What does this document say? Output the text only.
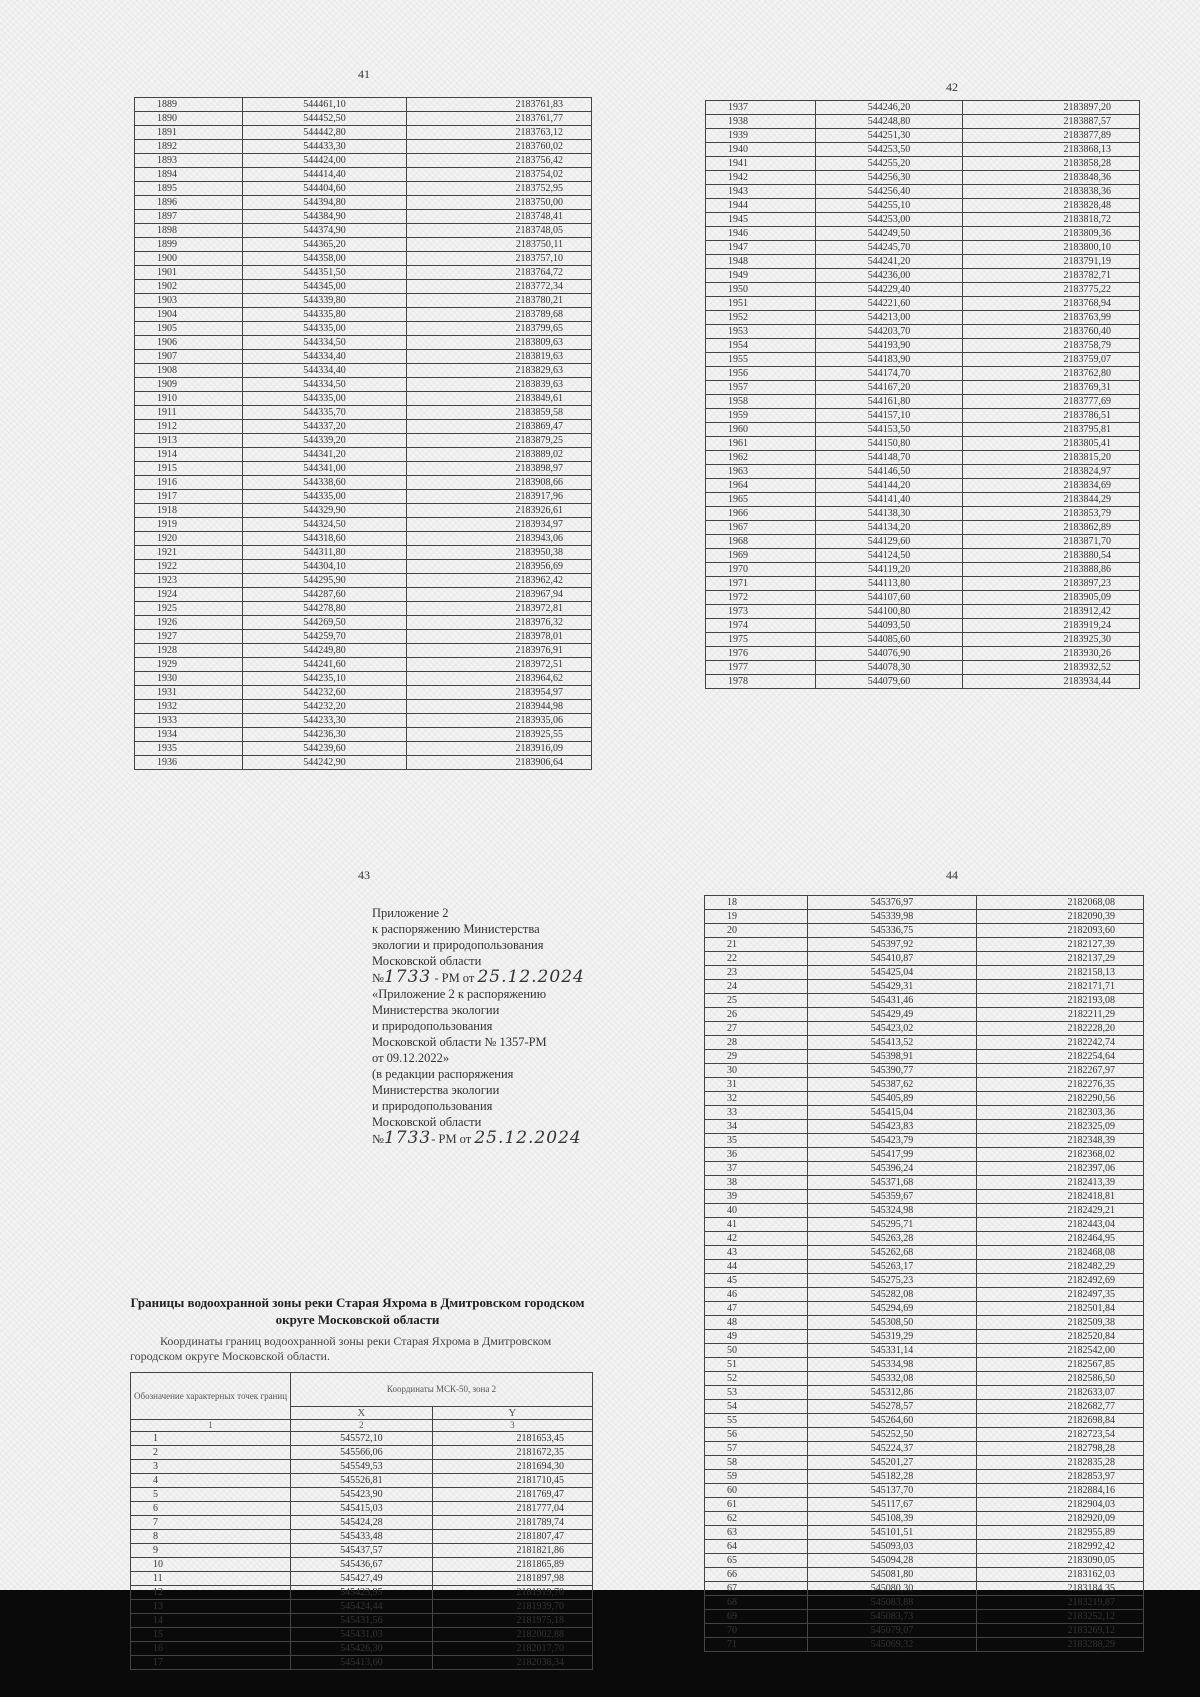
41
42
43	44
1889	544461,10	2183761,83
1890	544452,50	2183761,77
1891	544442,80	2183763,12
1892	544433,30	2183760,02
1893	544424,00	2183756,42
1894	544414,40	2183754,02
1895	544404,60	2183752,95
1896	544394,80	2183750,00
1897	544384,90	2183748,41
1898	544374,90	2183748,05
1899	544365,20	2183750,11
1900	544358,00	2183757,10
1901	544351,50	2183764,72
1902	544345,00	2183772,34
1903	544339,80	2183780,21
1904	544335,80	2183789,68
1905	544335,00	2183799,65
1906	544334,50	2183809,63
1907	544334,40	2183819,63
1908	544334,40	2183829,63
1909	544334,50	2183839,63
1910	544335,00	2183849,61
1911	544335,70	2183859,58
1912	544337,20	2183869,47
1913	544339,20	2183879,25
1914	544341,20	2183889,02
1915	544341,00	2183898,97
1916	544338,60	2183908,66
1917	544335,00	2183917,96
1918	544329,90	2183926,61
1919	544324,50	2183934,97
1920	544318,60	2183943,06
1921	544311,80	2183950,38
1922	544304,10	2183956,69
1923	544295,90	2183962,42
1924	544287,60	2183967,94
1925	544278,80	2183972,81
1926	544269,50	2183976,32
1927	544259,70	2183978,01
1928	544249,80	2183976,91
1929	544241,60	2183972,51
1930	544235,10	2183964,62
1931	544232,60	2183954,97
1932	544232,20	2183944,98
1933	544233,30	2183935,06
1934	544236,30	2183925,55
1935	544239,60	2183916,09
1936	544242,90	2183906,64
1937	544246,20	2183897,20
1938	544248,80	2183887,57
1939	544251,30	2183877,89
1940	544253,50	2183868,13
1941	544255,20	2183858,28
1942	544256,30	2183848,36
1943	544256,40	2183838,36
1944	544255,10	2183828,48
1945	544253,00	2183818,72
1946	544249,50	2183809,36
1947	544245,70	2183800,10
1948	544241,20	2183791,19
1949	544236,00	2183782,71
1950	544229,40	2183775,22
1951	544221,60	2183768,94
1952	544213,00	2183763,99
1953	544203,70	2183760,40
1954	544193,90	2183758,79
1955	544183,90	2183759,07
1956	544174,70	2183762,80
1957	544167,20	2183769,31
1958	544161,80	2183777,69
1959	544157,10	2183786,51
1960	544153,50	2183795,81
1961	544150,80	2183805,41
1962	544148,70	2183815,20
1963	544146,50	2183824,97
1964	544144,20	2183834,69
1965	544141,40	2183844,29
1966	544138,30	2183853,79
1967	544134,20	2183862,89
1968	544129,60	2183871,70
1969	544124,50	2183880,54
1970	544119,20	2183888,86
1971	544113,80	2183897,23
1972	544107,60	2183905,09
1973	544100,80	2183912,42
1974	544093,50	2183919,24
1975	544085,60	2183925,30
1976	544076,90	2183930,26
1977	544078,30	2183932,52
1978	544079,60	2183934,44
Приложение 2
к распоряжению Министерства
экологии и природопользования
Московской области
№1733 - РМ от 25.12.2024
«Приложение 2 к распоряжению
Министерства экологии
и природопользования
Московской области № 1357-РМ
от 09.12.2022»
(в редакции распоряжения
Министерства экологии
и природопользования
Московской области
№1733- РМ от 25.12.2024
Границы водоохранной зоны реки Старая Яхрома в Дмитровском городском округе Московской области
Координаты границ водоохранной зоны реки Старая Яхрома в Дмитровском городском округе Московской области.
Обозначение характерных точек границ	Координаты МСК-50, зона 2	
	X	Y
1	2	3
1	545572,10	2181653,45
2	545566,06	2181672,35
3	545549,53	2181694,30
4	545526,81	2181710,45
5	545423,90	2181769,47
6	545415,03	2181777,04
7	545424,28	2181789,74
8	545433,48	2181807,47
9	545437,57	2181821,86
10	545436,67	2181865,89
11	545427,49	2181897,98
12	545423,95	2181919,70
13	545424,44	2181939,70
14	545431,56	2181975,18
15	545431,03	2182002,88
16	545426,30	2182017,70
17	545413,60	2182038,34
18	545376,97	2182068,08
19	545339,98	2182090,39
20	545336,75	2182093,60
21	545397,92	2182127,39
22	545410,87	2182137,29
23	545425,04	2182158,13
24	545429,31	2182171,71
25	545431,46	2182193,08
26	545429,49	2182211,29
27	545423,02	2182228,20
28	545413,52	2182242,74
29	545398,91	2182254,64
30	545390,77	2182267,97
31	545387,62	2182276,35
32	545405,89	2182290,56
33	545415,04	2182303,36
34	545423,83	2182325,09
35	545423,79	2182348,39
36	545417,99	2182368,02
37	545396,24	2182397,06
38	545371,68	2182413,39
39	545359,67	2182418,81
40	545324,98	2182429,21
41	545295,71	2182443,04
42	545263,28	2182464,95
43	545262,68	2182468,08
44	545263,17	2182482,29
45	545275,23	2182492,69
46	545282,08	2182497,35
47	545294,69	2182501,84
48	545308,50	2182509,38
49	545319,29	2182520,84
50	545331,14	2182542,00
51	545334,98	2182567,85
52	545332,08	2182586,50
53	545312,86	2182633,07
54	545278,57	2182682,77
55	545264,60	2182698,84
56	545252,50	2182723,54
57	545224,37	2182798,28
58	545201,27	2182835,28
59	545182,28	2182853,97
60	545137,70	2182884,16
61	545117,67	2182904,03
62	545108,39	2182920,09
63	545101,51	2182955,89
64	545093,03	2182992,42
65	545094,28	2183090,05
66	545081,80	2183162,03
67	545080,30	2183184,35
68	545083,88	2183219,87
69	545083,73	2183252,12
70	545079,07	2183269,12
71	545069,32	2183288,29
